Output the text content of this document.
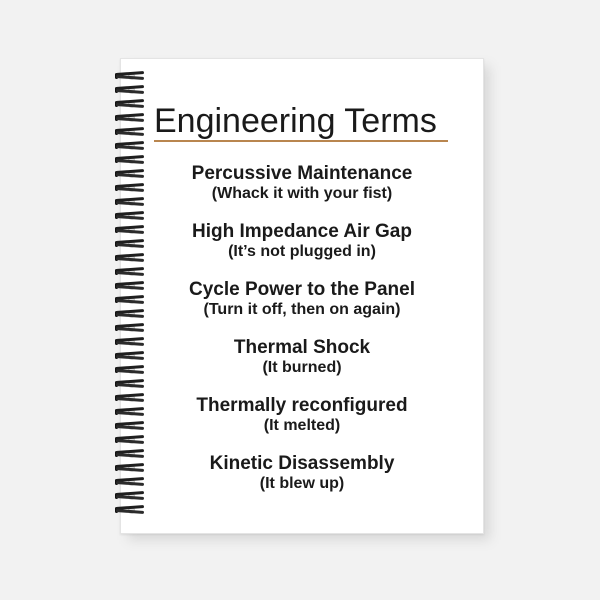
Engineering Terms

Percussive Maintenance

(Whack it with your fist)

High Impedance Air Gap

(It’s not plugged in)

Cycle Power to the Panel

(Turn it off, then on again)

Thermal Shock

(It burned)

Thermally reconfigured

(It melted)

Kinetic Disassembly

(It blew up)
